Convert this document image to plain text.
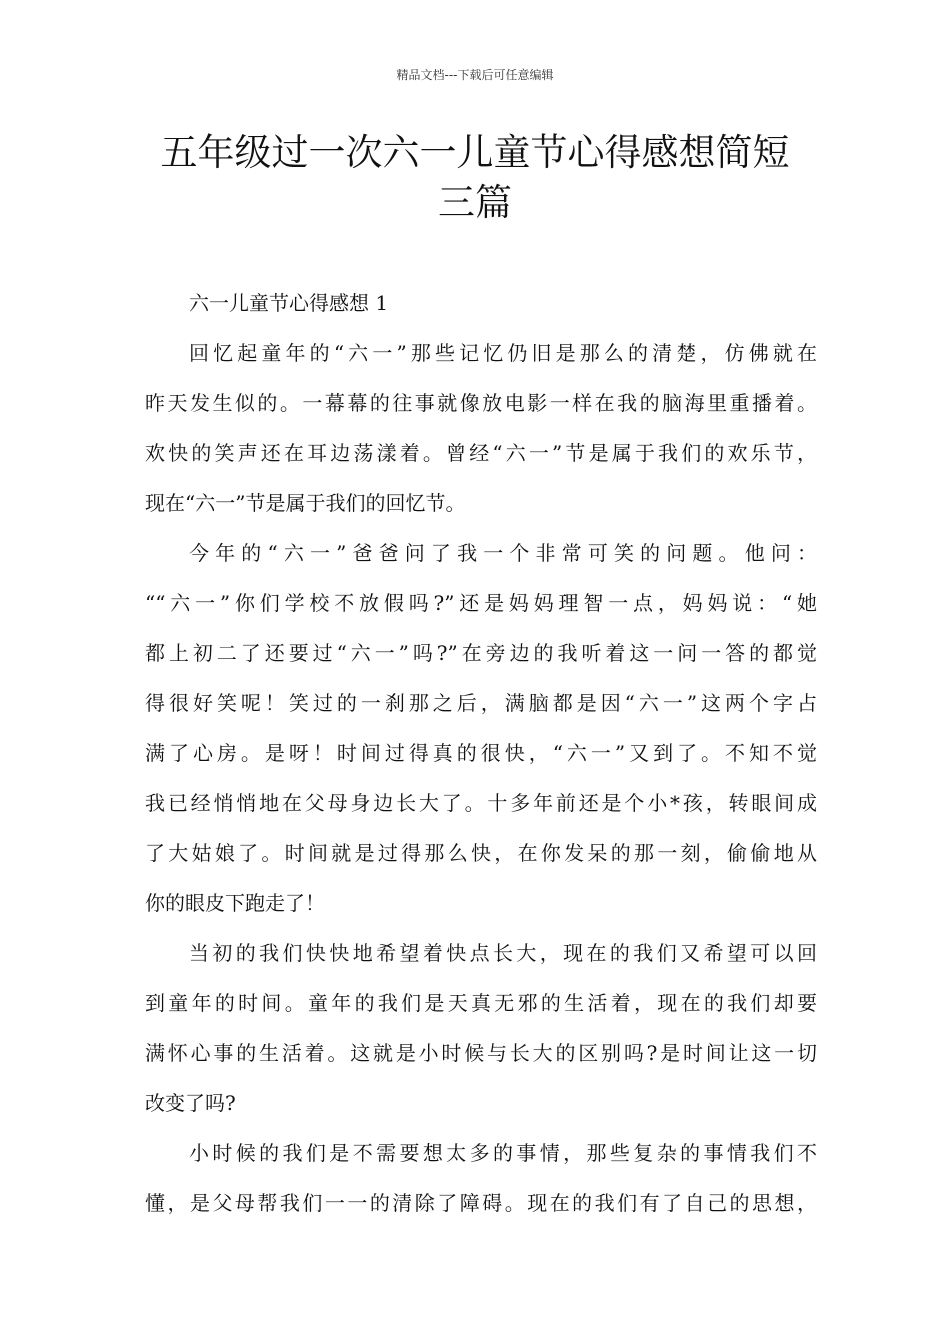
精品文档---下载后可任意编辑
五年级过一次六一儿童节心得感想简短
三篇

六一儿童节心得感想 1

回忆起童年的“六一”那些记忆仍旧是那么的清楚，仿佛就在
昨天发生似的。一幕幕的往事就像放电影一样在我的脑海里重播着。
欢快的笑声还在耳边荡漾着。曾经“六一”节是属于我们的欢乐节，
现在“六一”节是属于我们的回忆节。
今年的“六一”爸爸问了我一个非常可笑的问题。他问：
““六一”你们学校不放假吗?”还是妈妈理智一点，妈妈说：“她
都上初二了还要过“六一”吗?”在旁边的我听着这一问一答的都觉
得很好笑呢！笑过的一刹那之后，满脑都是因“六一”这两个字占
满了心房。是呀！时间过得真的很快，“六一”又到了。不知不觉
我已经悄悄地在父母身边长大了。十多年前还是个小*孩，转眼间成
了大姑娘了。时间就是过得那么快，在你发呆的那一刻，偷偷地从
你的眼皮下跑走了！
当初的我们快快地希望着快点长大，现在的我们又希望可以回
到童年的时间。童年的我们是天真无邪的生活着，现在的我们却要
满怀心事的生活着。这就是小时候与长大的区别吗?是时间让这一切
改变了吗?
小时候的我们是不需要想太多的事情，那些复杂的事情我们不
懂，是父母帮我们一一的清除了障碍。现在的我们有了自己的思想，
